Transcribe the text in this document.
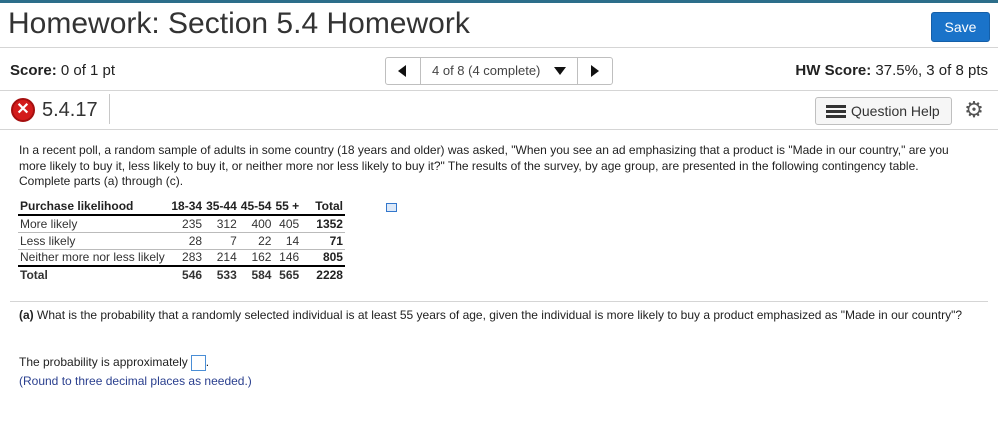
Homework: Section 5.4 Homework	Save
Score: 0 of 1 pt	4 of 8 (4 complete)	HW Score: 37.5%, 3 of 8 pts
✕ 5.4.17	Question Help ⚙
In a recent poll, a random sample of adults in some country (18 years and older) was asked, "When you see an ad emphasizing that a product is "Made in our country," are you more likely to buy it, less likely to buy it, or neither more nor less likely to buy it?" The results of the survey, by age group, are presented in the following contingency table. Complete parts (a) through (c).
Purchase likelihood	18-34	35-44	45-54	55 +	Total
More likely	235	312	400	405	1352
Less likely	28	7	22	14	71
Neither more nor less likely	283	214	162	146	805
Total	546	533	584	565	2228
(a) What is the probability that a randomly selected individual is at least 55 years of age, given the individual is more likely to buy a product emphasized as "Made in our country"?
The probability is approximately .
(Round to three decimal places as needed.)
